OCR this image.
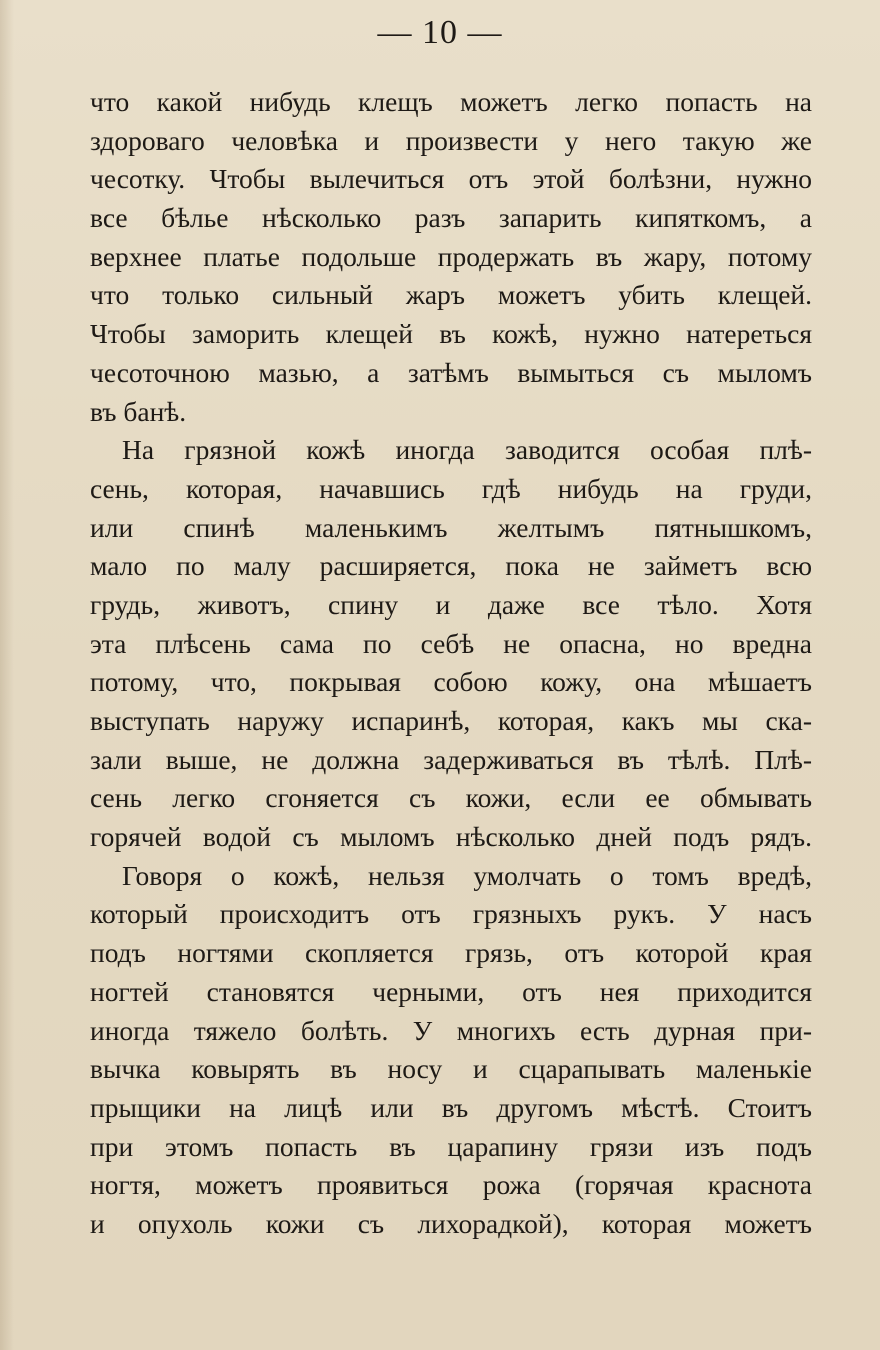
— 10 —
что какой нибудь клещъ можетъ легко попасть на
здороваго человѣка и произвести у него такую же
чесотку. Чтобы вылечиться отъ этой болѣзни, нужно
все бѣлье нѣсколько разъ запарить кипяткомъ, а
верхнее платье подольше продержать въ жару, потому
что только сильный жаръ можетъ убить клещей.
Чтобы заморить клещей въ кожѣ, нужно натереться
чесоточною мазью, а затѣмъ вымыться съ мыломъ
въ банѣ.
На грязной кожѣ иногда заводится особая плѣ-
сень, которая, начавшись гдѣ нибудь на груди,
или спинѣ маленькимъ желтымъ пятнышкомъ,
мало по малу расширяется, пока не займетъ всю
грудь, животъ, спину и даже все тѣло. Хотя
эта плѣсень сама по себѣ не опасна, но вредна
потому, что, покрывая собою кожу, она мѣшаетъ
выступать наружу испаринѣ, которая, какъ мы ска-
зали выше, не должна задерживаться въ тѣлѣ. Плѣ-
сень легко сгоняется съ кожи, если ее обмывать
горячей водой съ мыломъ нѣсколько дней подъ рядъ.
Говоря о кожѣ, нельзя умолчать о томъ вредѣ,
который происходитъ отъ грязныхъ рукъ. У насъ
подъ ногтями скопляется грязь, отъ которой края
ногтей становятся черными, отъ нея приходится
иногда тяжело болѣть. У многихъ есть дурная при-
вычка ковырять въ носу и сцарапывать маленькіе
прыщики на лицѣ или въ другомъ мѣстѣ. Стоитъ
при этомъ попасть въ царапину грязи изъ подъ
ногтя, можетъ проявиться рожа (горячая краснота
и опухоль кожи съ лихорадкой), которая можетъ
